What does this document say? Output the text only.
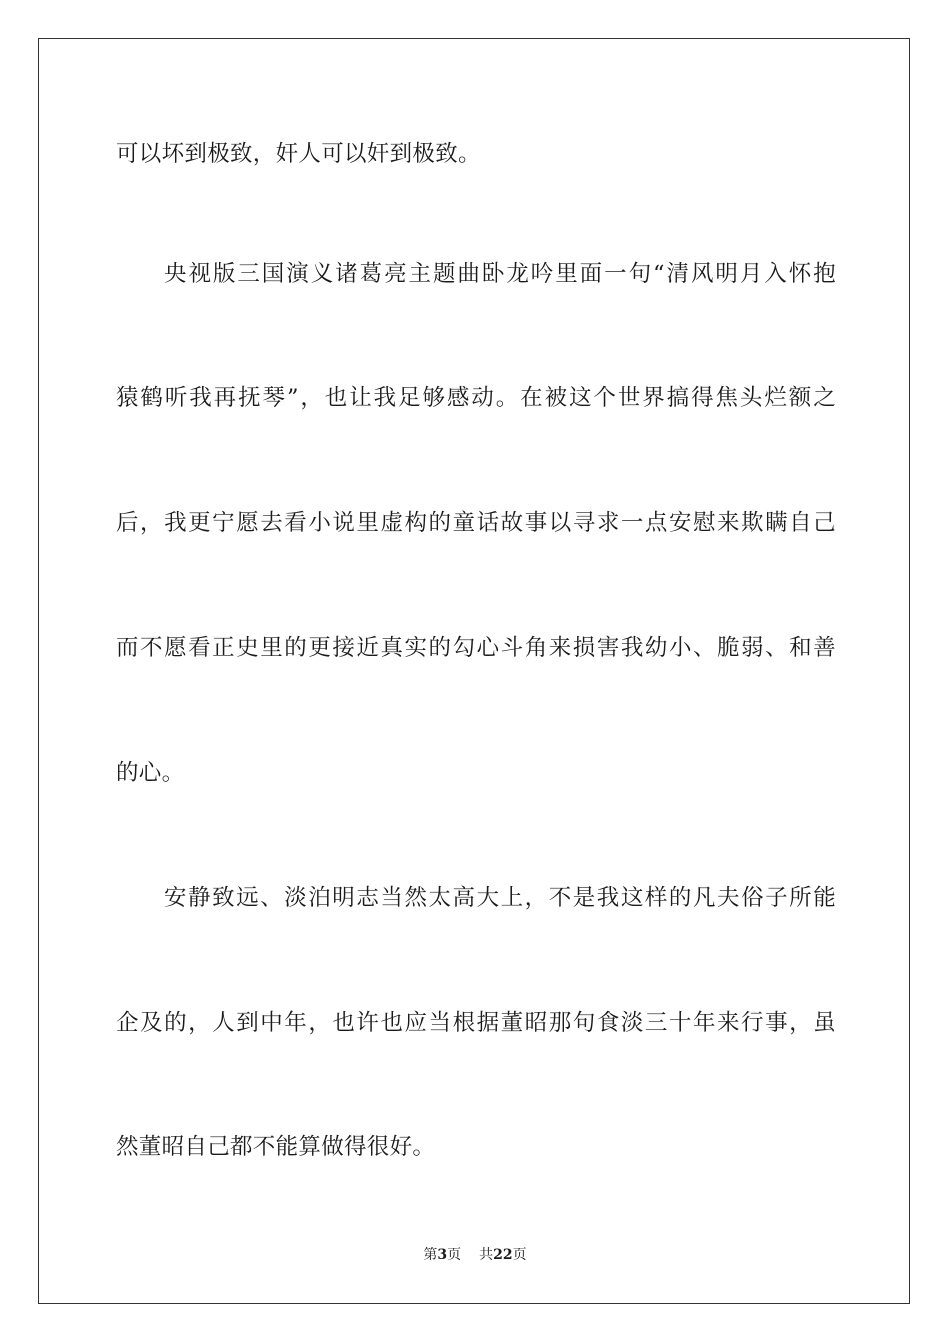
可以坏到极致，奸人可以奸到极致。
央视版三国演义诸葛亮主题曲卧龙吟里面一句“清风明月入怀抱
猿鹤听我再抚琴”，也让我足够感动。在被这个世界搞得焦头烂额之
后，我更宁愿去看小说里虚构的童话故事以寻求一点安慰来欺瞒自己
而不愿看正史里的更接近真实的勾心斗角来损害我幼小、脆弱、和善
的心。
安静致远、淡泊明志当然太高大上，不是我这样的凡夫俗子所能
企及的，人到中年，也许也应当根据董昭那句食淡三十年来行事，虽
然董昭自己都不能算做得很好。
第3页 共22页
